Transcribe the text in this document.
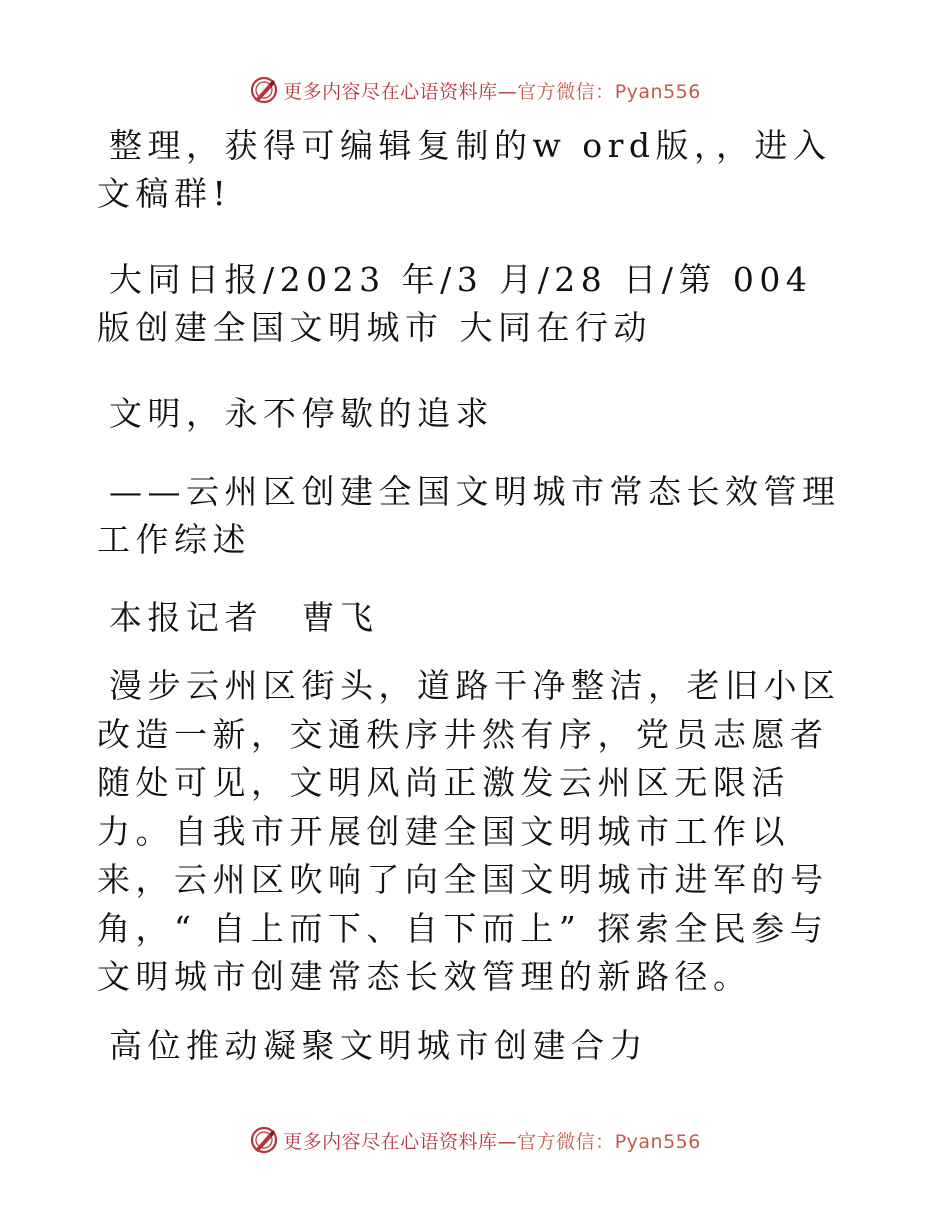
更多内容尽在心语资料库—官方微信：Pyan556

整理，获得可编辑复制的w ord版，，进入文稿群!

大同日报/2023 年/3 月/28 日/第 004 版创建全国文明城市 大同在行动

文明，永不停歇的追求

——云州区创建全国文明城市常态长效管理工作综述

本报记者　曹飞

漫步云州区街头，道路干净整洁，老旧小区改造一新，交通秩序井然有序，党员志愿者随处可见，文明风尚正激发云州区无限活力。自我市开展创建全国文明城市工作以来，云州区吹响了向全国文明城市进军的号角，“ 自上而下、自下而上” 探索全民参与文明城市创建常态长效管理的新路径。

高位推动凝聚文明城市创建合力

更多内容尽在心语资料库—官方微信：Pyan556
